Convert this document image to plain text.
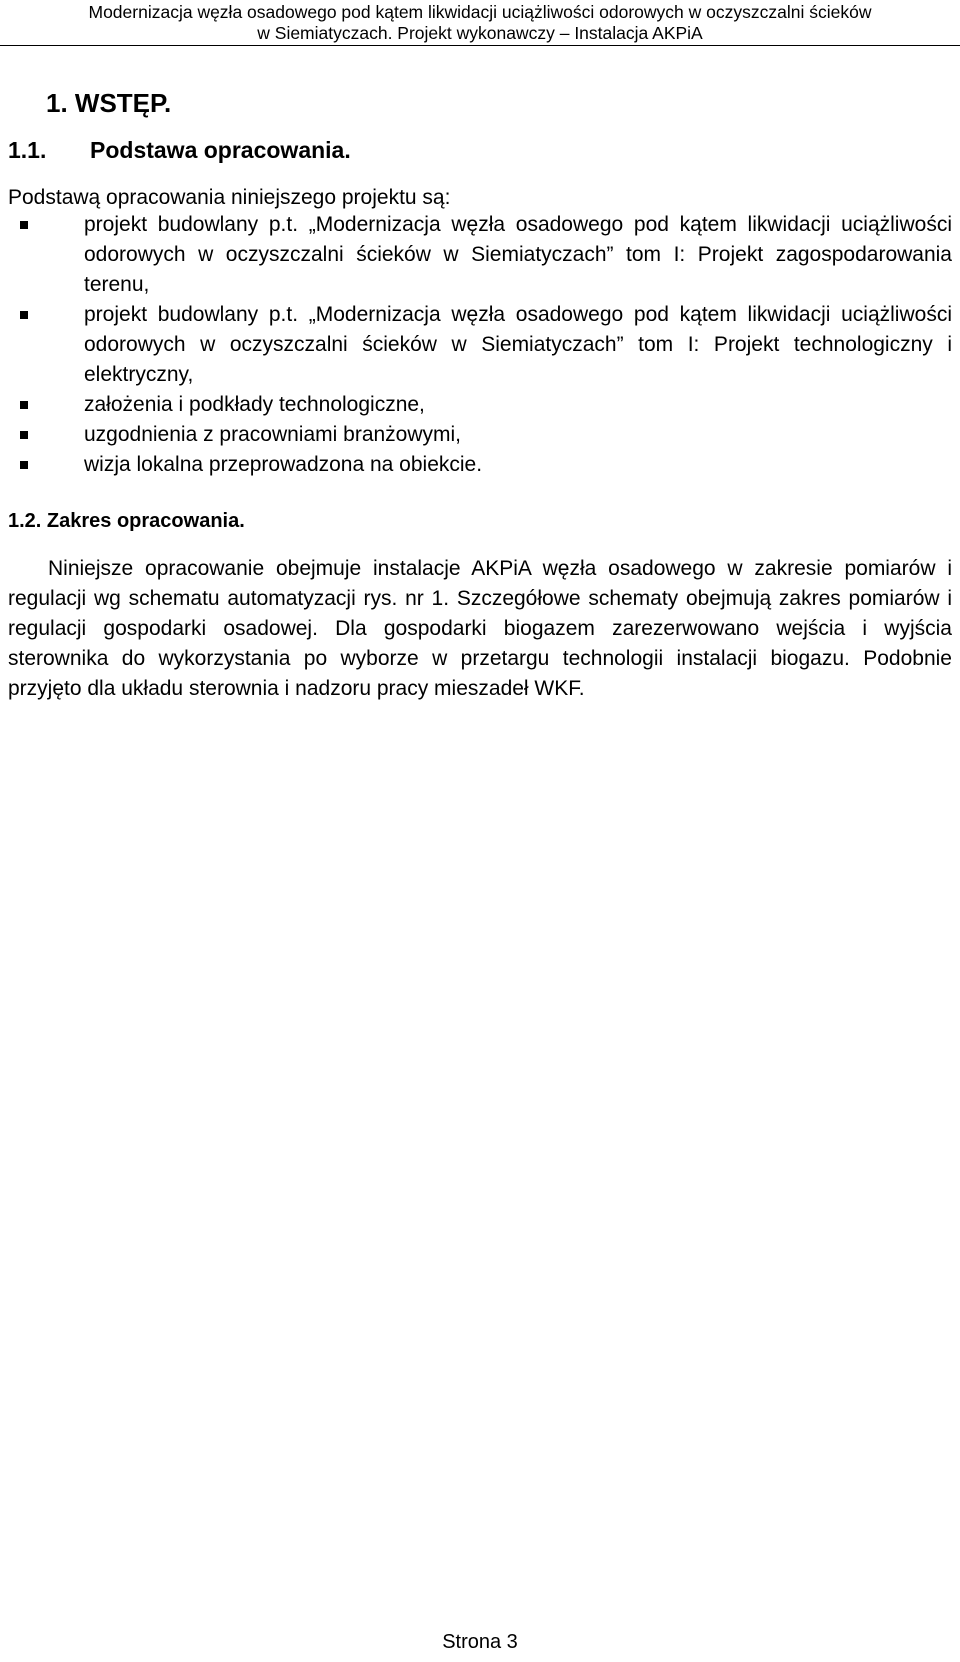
Modernizacja węzła osadowego pod kątem likwidacji uciążliwości odorowych w oczyszczalni ścieków
w Siemiatyczach. Projekt wykonawczy – Instalacja AKPiA
1. WSTĘP.
1.1. Podstawa opracowania.
Podstawą opracowania niniejszego projektu są:
projekt budowlany p.t. „Modernizacja węzła osadowego pod kątem likwidacji uciążliwości odorowych w oczyszczalni ścieków w Siemiatyczach” tom I: Projekt zagospodarowania terenu,
projekt budowlany p.t. „Modernizacja węzła osadowego pod kątem likwidacji uciążliwości odorowych w oczyszczalni ścieków w Siemiatyczach” tom I: Projekt technologiczny i elektryczny,
założenia i podkłady technologiczne,
uzgodnienia z pracowniami branżowymi,
wizja lokalna przeprowadzona na obiekcie.
1.2. Zakres opracowania.
Niniejsze opracowanie obejmuje instalacje AKPiA węzła osadowego w zakresie pomiarów i regulacji wg schematu automatyzacji rys. nr 1. Szczegółowe schematy obejmują zakres pomiarów i regulacji gospodarki osadowej. Dla gospodarki biogazem zarezerwowano wejścia i wyjścia sterownika do wykorzystania po wyborze w przetargu technologii instalacji biogazu. Podobnie przyjęto dla układu sterownia i nadzoru pracy mieszadeł WKF.
Strona 3
